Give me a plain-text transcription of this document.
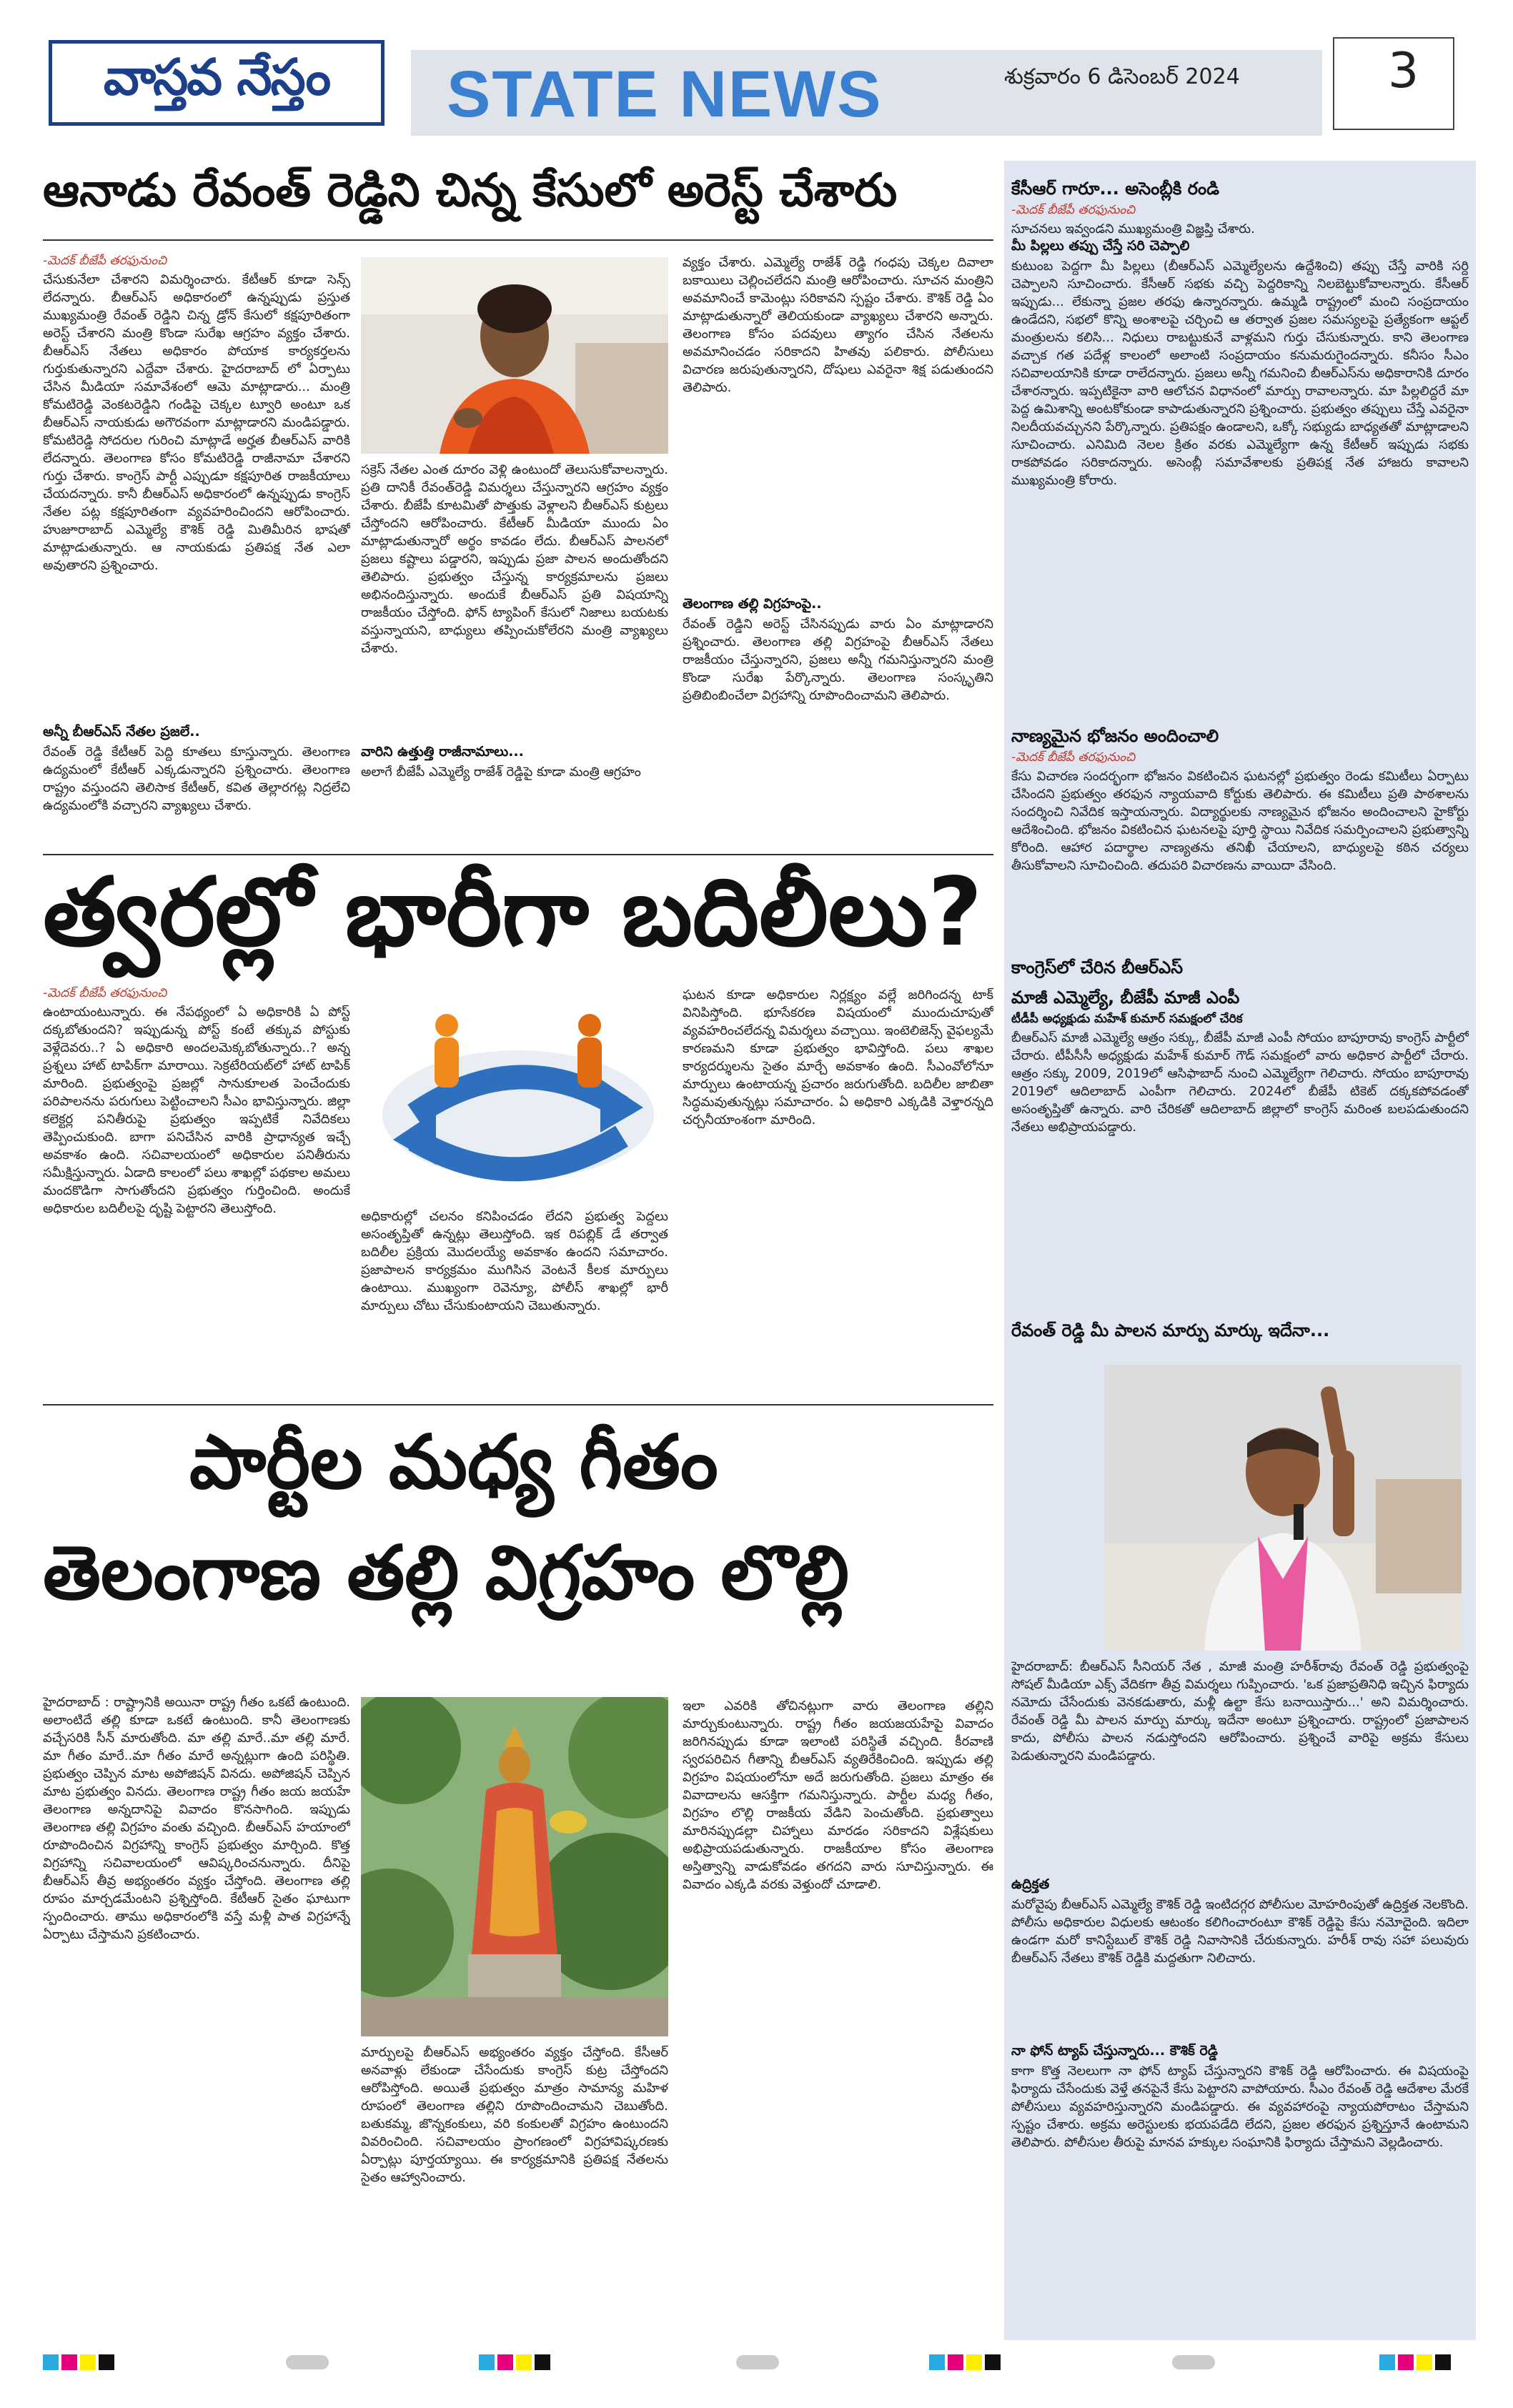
వాస్తవ నేస్తం STATE NEWS	శుక్రవారం 6 డిసెంబర్ 2024	3
ఆనాడు రేవంత్ రెడ్డిని చిన్న కేసులో అరెస్ట్ చేశారు
-మెదక్‌ బీజేపీ తరఫునుంచి
చేసుకునేలా చేశారని విమర్శించారు. కేటీఆర్ కూడా సెన్స్ లేదన్నారు. బీఆర్ఎస్ అధికారంలో ఉన్నప్పుడు ప్రస్తుత ముఖ్యమంత్రి రేవంత్ రెడ్డిని చిన్న డ్రోన్ కేసులో కక్షపూరితంగా అరెస్ట్ చేశారని మంత్రి కొండా సురేఖ ఆగ్రహం వ్యక్తం చేశారు. బీఆర్ఎస్ నేతలు అధికారం పోయాక కార్యకర్తలను గుర్తుకుతున్నారని ఎద్దేవా చేశారు. హైదరాబాద్ లో ఏర్పాటు చేసిన మీడియా సమావేశంలో ఆమె మాట్లాడారు... మంత్రి కోమటిరెడ్డి వెంకటరెడ్డిని గండిపై చెక్కల ట్వూరి అంటూ ఒక బీఆర్ఎస్ నాయకుడు అగౌరవంగా మాట్లాడారని మండిపడ్డారు. కోమటిరెడ్డి సోదరుల గురించి మాట్లాడే అర్హత బీఆర్ఎస్ వారికి లేదన్నారు. తెలంగాణ కోసం కోమటిరెడ్డి రాజీనామా చేశారని గుర్తు చేశారు. కాంగ్రెస్ పార్టీ ఎప్పుడూ కక్షపూరిత రాజకీయాలు చేయదన్నారు. కానీ బీఆర్ఎస్ అధికారంలో ఉన్నప్పుడు కాంగ్రెస్ నేతల పట్ల కక్షపూరితంగా వ్యవహరించిందని ఆరోపించారు. హుజూరాబాద్ ఎమ్మెల్యే కౌశిక్ రెడ్డి మితిమీరిన భాషతో మాట్లాడుతున్నారు. ఆ నాయకుడు ప్రతిపక్ష నేత ఎలా అవుతారని ప్రశ్నించారు.
అన్నీ బీఆర్ఎస్ నేతల ప్రజలే..
రేవంత్ రెడ్డి కేటీఆర్ పెద్ది కూతలు కూస్తున్నారు. తెలంగాణ ఉద్యమంలో కేటీఆర్ ఎక్కడున్నారని ప్రశ్నించారు. తెలంగాణ రాష్ట్రం వస్తుందని తెలిసాక కేటీఆర్, కవిత తెల్లారగట్ల నిద్రలేచి ఉద్యమంలోకి వచ్చారని వ్యాఖ్యలు చేశారు.
సక్రెస్ నేతల ఎంత దూరం వెళ్లి ఉంటుందో తెలుసుకోవాలన్నారు. ప్రతి దానికీ రేవంత్‌రెడ్డి విమర్శలు చేస్తున్నారని ఆగ్రహం వ్యక్తం చేశారు. బీజేపీ కూటమితో పొత్తుకు వెళ్లాలని బీఆర్ఎస్ కుట్రలు చేస్తోందని ఆరోపించారు. కేటీఆర్ మీడియా ముందు ఏం మాట్లాడుతున్నారో అర్థం కావడం లేదు. బీఆర్ఎస్ పాలనలో ప్రజలు కష్టాలు పడ్డారని, ఇప్పుడు ప్రజా పాలన అందుతోందని తెలిపారు. ప్రభుత్వం చేస్తున్న కార్యక్రమాలను ప్రజలు అభినందిస్తున్నారు. అందుకే బీఆర్ఎస్ ప్రతి విషయాన్ని రాజకీయం చేస్తోంది. ఫోన్ ట్యాపింగ్ కేసులో నిజాలు బయటకు వస్తున్నాయని, బాధ్యులు తప్పించుకోలేరని మంత్రి వ్యాఖ్యలు చేశారు.
వారిని ఉత్తుత్తి రాజీనామాలు...
అలాగే బీజేపీ ఎమ్మెల్యే రాజేశ్ రెడ్డిపై కూడా మంత్రి ఆగ్రహం
వ్యక్తం చేశారు. ఎమ్మెల్యే రాజేశ్ రెడ్డి గంధపు చెక్కల దివాలా బకాయిలు చెల్లించలేదని మంత్రి ఆరోపించారు. సూచన మంత్రిని అవమానించే కామెంట్లు సరికావని స్పష్టం చేశారు. కౌశిక్ రెడ్డి ఏం మాట్లాడుతున్నారో తెలియకుండా వ్యాఖ్యలు చేశారని అన్నారు. తెలంగాణ కోసం పదవులు త్యాగం చేసిన నేతలను అవమానించడం సరికాదని హితవు పలికారు. పోలీసులు విచారణ జరుపుతున్నారని, దోషులు ఎవరైనా శిక్ష పడుతుందని తెలిపారు.
తెలంగాణ తల్లి విగ్రహంపై..
రేవంత్ రెడ్డిని అరెస్ట్ చేసినప్పుడు వారు ఏం మాట్లాడారని ప్రశ్నించారు. తెలంగాణ తల్లి విగ్రహంపై బీఆర్ఎస్ నేతలు రాజకీయం చేస్తున్నారని, ప్రజలు అన్నీ గమనిస్తున్నారని మంత్రి కొండా సురేఖ పేర్కొన్నారు. తెలంగాణ సంస్కృతిని ప్రతిబింబించేలా విగ్రహాన్ని రూపొందించామని తెలిపారు.
త్వరల్లో భారీగా బదిలీలు?
-మెదక్‌ బీజేపీ తరఫునుంచి
ఉంటాయంటున్నారు. ఈ నేపథ్యంలో ఏ అధికారికి ఏ పోస్ట్ దక్కబోతుందని? ఇప్పుడున్న పోస్ట్ కంటే తక్కువ పోస్టుకు వెళ్లేదెవరు..? ఏ అధికారి అందలమెక్కబోతున్నారు..? అన్న ప్రశ్నలు హాట్ టాపిక్‌గా మారాయి. సెక్రటేరియట్‌లో హాట్ టాపిక్ మారింది. ప్రభుత్వంపై ప్రజల్లో సానుకూలత పెంచేందుకు పరిపాలనను పరుగులు పెట్టించాలని సీఎం భావిస్తున్నారు. జిల్లా కలెక్టర్ల పనితీరుపై ప్రభుత్వం ఇప్పటికే నివేదికలు తెప్పించుకుంది. బాగా పనిచేసిన వారికి ప్రాధాన్యత ఇచ్చే అవకాశం ఉంది. సచివాలయంలో అధికారుల పనితీరును సమీక్షిస్తున్నారు. ఏడాది కాలంలో పలు శాఖల్లో పథకాల అమలు మందకొడిగా సాగుతోందని ప్రభుత్వం గుర్తించింది. అందుకే అధికారుల బదిలీలపై దృష్టి పెట్టారని తెలుస్తోంది.
అధికారుల్లో చలనం కనిపించడం లేదని ప్రభుత్వ పెద్దలు అసంతృప్తితో ఉన్నట్లు తెలుస్తోంది. ఇక రిపబ్లిక్ డే తర్వాత బదిలీల ప్రక్రియ మొదలయ్యే అవకాశం ఉందని సమాచారం. ప్రజాపాలన కార్యక్రమం ముగిసిన వెంటనే కీలక మార్పులు ఉంటాయి. ముఖ్యంగా రెవెన్యూ, పోలీస్ శాఖల్లో భారీ మార్పులు చోటు చేసుకుంటాయని చెబుతున్నారు.
ఘటన కూడా అధికారుల నిర్లక్ష్యం వల్లే జరిగిందన్న టాక్ వినిపిస్తోంది. భూసేకరణ విషయంలో ముందుచూపుతో వ్యవహరించలేదన్న విమర్శలు వచ్చాయి. ఇంటెలిజెన్స్ వైఫల్యమే కారణమని కూడా ప్రభుత్వం భావిస్తోంది. పలు శాఖల కార్యదర్శులను సైతం మార్చే అవకాశం ఉంది. సీఎంవోలోనూ మార్పులు ఉంటాయన్న ప్రచారం జరుగుతోంది. బదిలీల జాబితా సిద్ధమవుతున్నట్లు సమాచారం. ఏ అధికారి ఎక్కడికి వెళ్తారన్నది చర్చనీయాంశంగా మారింది.
పార్టీల మధ్య గీతం
తెలంగాణ తల్లి విగ్రహం లొల్లి
హైదరాబాద్ : రాష్ట్రానికి అయినా రాష్ట్ర గీతం ఒకటే ఉంటుంది. అలాంటిదే తల్లి కూడా ఒకటే ఉంటుంది. కానీ తెలంగాణకు వచ్చేసరికి సీన్ మారుతోంది. మా తల్లి మారే..మా తల్లి మారే. మా గీతం మారే..మా గీతం మారే అన్నట్లుగా ఉంది పరిస్థితి. ప్రభుత్వం చెప్పిన మాట అపోజిషన్ వినదు. అపోజిషన్ చెప్పిన మాట ప్రభుత్వం వినదు. తెలంగాణ రాష్ట్ర గీతం జయ జయహే తెలంగాణ అన్నదానిపై వివాదం కొనసాగింది. ఇప్పుడు తెలంగాణ తల్లి విగ్రహం వంతు వచ్చింది. బీఆర్ఎస్ హయాంలో రూపొందించిన విగ్రహాన్ని కాంగ్రెస్ ప్రభుత్వం మార్చింది. కొత్త విగ్రహాన్ని సచివాలయంలో ఆవిష్కరించనున్నారు. దీనిపై బీఆర్ఎస్ తీవ్ర అభ్యంతరం వ్యక్తం చేస్తోంది. తెలంగాణ తల్లి రూపం మార్చడమేంటని ప్రశ్నిస్తోంది. కేటీఆర్ సైతం ఘాటుగా స్పందించారు. తాము అధికారంలోకి వస్తే మళ్లీ పాత విగ్రహాన్నే ఏర్పాటు చేస్తామని ప్రకటించారు.
మార్పులపై బీఆర్ఎస్ అభ్యంతరం వ్యక్తం చేస్తోంది. కేసీఆర్ అనవాళ్లు లేకుండా చేసేందుకు కాంగ్రెస్ కుట్ర చేస్తోందని ఆరోపిస్తోంది. అయితే ప్రభుత్వం మాత్రం సామాన్య మహిళ రూపంలో తెలంగాణ తల్లిని రూపొందించామని చెబుతోంది. బతుకమ్మ, జొన్నకంకులు, వరి కంకులతో విగ్రహం ఉంటుందని వివరించింది. సచివాలయం ప్రాంగణంలో విగ్రహావిష్కరణకు ఏర్పాట్లు పూర్తయ్యాయి. ఈ కార్యక్రమానికి ప్రతిపక్ష నేతలను సైతం ఆహ్వానించారు.
ఇలా ఎవరికి తోచినట్లుగా వారు తెలంగాణ తల్లిని మార్చుకుంటున్నారు. రాష్ట్ర గీతం జయజయహేపై వివాదం జరిగినప్పుడు కూడా ఇలాంటి పరిస్థితే వచ్చింది. కీరవాణి స్వరపరిచిన గీతాన్ని బీఆర్ఎస్ వ్యతిరేకించింది. ఇప్పుడు తల్లి విగ్రహం విషయంలోనూ అదే జరుగుతోంది. ప్రజలు మాత్రం ఈ వివాదాలను ఆసక్తిగా గమనిస్తున్నారు. పార్టీల మధ్య గీతం, విగ్రహం లొల్లి రాజకీయ వేడిని పెంచుతోంది. ప్రభుత్వాలు మారినప్పుడల్లా చిహ్నాలు మారడం సరికాదని విశ్లేషకులు అభిప్రాయపడుతున్నారు. రాజకీయాల కోసం తెలంగాణ అస్తిత్వాన్ని వాడుకోవడం తగదని వారు సూచిస్తున్నారు. ఈ వివాదం ఎక్కడి వరకు వెళ్తుందో చూడాలి.
కేసీఆర్ గారూ... అసెంబ్లీకి రండి
-మెదక్‌ బీజేపీ తరఫునుంచి
సూచనలు ఇవ్వండని ముఖ్యమంత్రి విజ్ఞప్తి చేశారు.
మీ పిల్లలు తప్పు చేస్తే సరి చెప్పాలి
కుటుంబ పెద్దగా మీ పిల్లలు (బీఆర్ఎస్ ఎమ్మెల్యేలను ఉద్దేశించి) తప్పు చేస్తే వారికి సర్ది చెప్పాలని సూచించారు. కేసీఆర్ సభకు వచ్చి పెద్దరికాన్ని నిలబెట్టుకోవాలన్నారు. కేసీఆర్ ఇప్పుడు... లేకున్నా ప్రజల తరఫు ఉన్నారన్నారు. ఉమ్మడి రాష్ట్రంలో మంచి సంప్రదాయం ఉండేదని, సభలో కొన్ని అంశాలపై చర్చించి ఆ తర్వాత ప్రజల సమస్యలపై ప్రత్యేకంగా ఆప్టల్ మంత్రులను కలిసి... నిధులు రాబట్టుకునే వాళ్లమని గుర్తు చేసుకున్నారు. కాని తెలంగాణ వచ్చాక గత పదేళ్ల కాలంలో అలాంటి సంప్రదాయం కనుమరుగైందన్నారు. కనీసం సీఎం సచివాలయానికి కూడా రాలేదన్నారు. ప్రజలు అన్నీ గమనించి బీఆర్ఎస్‌ను అధికారానికి దూరం చేశారన్నారు. ఇప్పటికైనా వారి ఆలోచన విధానంలో మార్పు రావాలన్నారు. మా పిల్లలిద్దరే మా పెద్ద ఉమిశాన్ని అంటకోకుండా కాపాడుతున్నారని ప్రశ్నించారు. ప్రభుత్వం తప్పులు చేస్తే ఎవరైనా నిలదీయవచ్చునని పేర్కొన్నారు. ప్రతిపక్షం ఉండాలని, ఒక్కో సభ్యుడు బాధ్యతతో మాట్లాడాలని సూచించారు. ఎనిమిది నెలల క్రితం వరకు ఎమ్మెల్యేగా ఉన్న కేటీఆర్ ఇప్పుడు సభకు రాకపోవడం సరికాదన్నారు. అసెంబ్లీ సమావేశాలకు ప్రతిపక్ష నేత హాజరు కావాలని ముఖ్యమంత్రి కోరారు.
నాణ్యమైన భోజనం అందించాలి
-మెదక్‌ బీజేపీ తరఫునుంచి
కేసు విచారణ సందర్భంగా భోజనం వికటించిన ఘటనల్లో ప్రభుత్వం రెండు కమిటీలు ఏర్పాటు చేసిందని ప్రభుత్వం తరఫున న్యాయవాది కోర్టుకు తెలిపారు. ఈ కమిటీలు ప్రతి పాఠశాలను సందర్శించి నివేదిక ఇస్తాయన్నారు. విద్యార్థులకు నాణ్యమైన భోజనం అందించాలని హైకోర్టు ఆదేశించింది. భోజనం వికటించిన ఘటనలపై పూర్తి స్థాయి నివేదిక సమర్పించాలని ప్రభుత్వాన్ని కోరింది. ఆహార పదార్థాల నాణ్యతను తనిఖీ చేయాలని, బాధ్యులపై కఠిన చర్యలు తీసుకోవాలని సూచించింది. తదుపరి విచారణను వాయిదా వేసింది.
కాంగ్రెస్‌లో చేరిన బీఆర్ఎస్
మాజీ ఎమ్మెల్యే, బీజేపీ మాజీ ఎంపీ
టీడీపీ అధ్యక్షుడు మహేశ్ కుమార్ సమక్షంలో చేరిక
బీఆర్ఎస్ మాజీ ఎమ్మెల్యే ఆత్రం సక్కు, బీజేపీ మాజీ ఎంపీ సోయం బాపూరావు కాంగ్రెస్ పార్టీలో చేరారు. టీపీసీసీ అధ్యక్షుడు మహేశ్ కుమార్ గౌడ్ సమక్షంలో వారు అధికార పార్టీలో చేరారు. ఆత్రం సక్కు 2009, 2019లో ఆసిఫాబాద్ నుంచి ఎమ్మెల్యేగా గెలిచారు. సోయం బాపూరావు 2019లో ఆదిలాబాద్ ఎంపీగా గెలిచారు. 2024లో బీజేపీ టికెట్ దక్కకపోవడంతో అసంతృప్తితో ఉన్నారు. వారి చేరికతో ఆదిలాబాద్ జిల్లాలో కాంగ్రెస్ మరింత బలపడుతుందని నేతలు అభిప్రాయపడ్డారు.
రేవంత్ రెడ్డి మీ పాలన మార్పు మార్కు ఇదేనా...
హైదరాబాద్: బీఆర్ఎస్ సీనియర్ నేత , మాజీ మంత్రి హరీశ్‌రావు రేవంత్ రెడ్డి ప్రభుత్వంపై సోషల్ మీడియా ఎక్స్ వేదికగా తీవ్ర విమర్శలు గుప్పించారు. 'ఒక ప్రజాప్రతినిధి ఇచ్చిన ఫిర్యాదు నమోదు చేసేందుకు వెనకడుతారు, మళ్లీ ఉల్టా కేసు బనాయిస్తారు...' అని విమర్శించారు. రేవంత్ రెడ్డి మీ పాలన మార్పు మార్కు ఇదేనా అంటూ ప్రశ్నించారు. రాష్ట్రంలో ప్రజాపాలన కాదు, పోలీసు పాలన నడుస్తోందని ఆరోపించారు. ప్రశ్నించే వారిపై అక్రమ కేసులు పెడుతున్నారని మండిపడ్డారు.
ఉద్రిక్తత
మరోవైపు బీఆర్ఎస్ ఎమ్మెల్యే కౌశిక్ రెడ్డి ఇంటిదగ్గర పోలీసుల మోహరింపుతో ఉద్రిక్తత నెలకొంది. పోలీసు అధికారుల విధులకు ఆటంకం కలిగించారంటూ కౌశిక్ రెడ్డిపై కేసు నమోదైంది. ఇదిలా ఉండగా మరో కానిస్టేబుల్ కౌశిక్ రెడ్డి నివాసానికి చేరుకున్నారు. హరీశ్ రావు సహా పలువురు బీఆర్ఎస్ నేతలు కౌశిక్ రెడ్డికి మద్దతుగా నిలిచారు.
నా ఫోన్ ట్యాప్ చేస్తున్నారు... కౌశిక్ రెడ్డి
కాగా కొత్త నెలలుగా నా ఫోన్ ట్యాప్ చేస్తున్నారని కౌశిక్ రెడ్డి ఆరోపించారు. ఈ విషయంపై ఫిర్యాదు చేసేందుకు వెళ్తే తనపైనే కేసు పెట్టారని వాపోయారు. సీఎం రేవంత్ రెడ్డి ఆదేశాల మేరకే పోలీసులు వ్యవహరిస్తున్నారని మండిపడ్డారు. ఈ వ్యవహారంపై న్యాయపోరాటం చేస్తామని స్పష్టం చేశారు. అక్రమ అరెస్టులకు భయపడేది లేదని, ప్రజల తరఫున ప్రశ్నిస్తూనే ఉంటామని తెలిపారు. పోలీసుల తీరుపై మానవ హక్కుల సంఘానికి ఫిర్యాదు చేస్తామని వెల్లడించారు.
